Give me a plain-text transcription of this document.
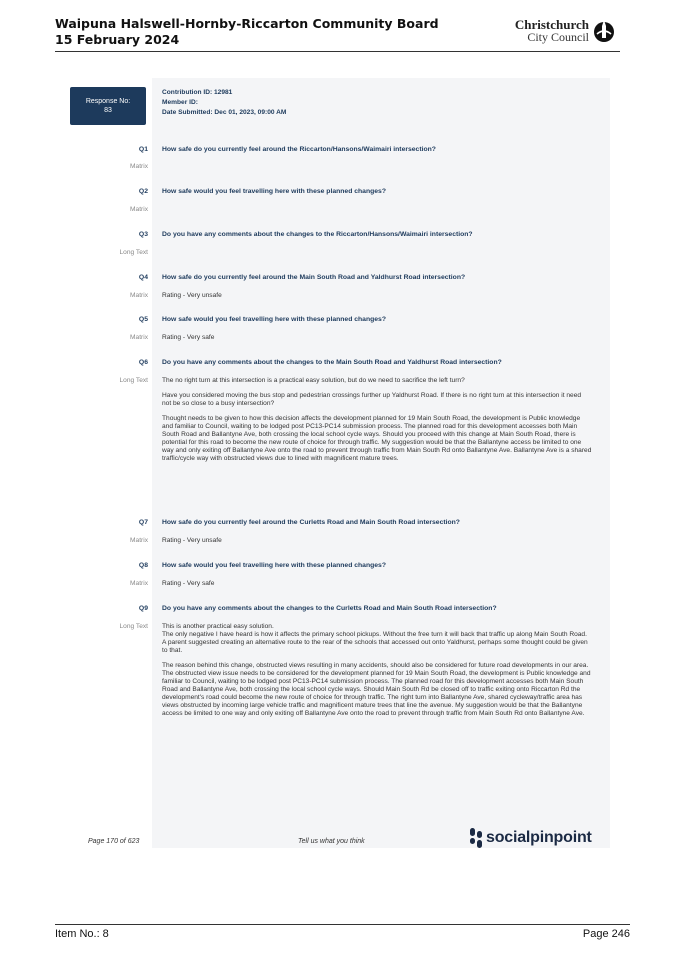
Waipuna Halswell-Hornby-Riccarton Community Board
15 February 2024
Christchurch
City Council
Response No:
83
Contribution ID: 12981
Member ID:
Date Submitted: Dec 01, 2023, 09:00 AM
Q1 How safe do you currently feel around the Riccarton/Hansons/Waimairi intersection?
Matrix
Q2 How safe would you feel travelling here with these planned changes?
Matrix
Q3 Do you have any comments about the changes to the Riccarton/Hansons/Waimairi intersection?
Long Text
Q4 How safe do you currently feel around the Main South Road and Yaldhurst Road intersection?
Matrix Rating - Very unsafe

Q5 How safe would you feel travelling here with these planned changes?
Matrix Rating - Very safe

Q6 Do you have any comments about the changes to the Main South Road and Yaldhurst Road intersection?
Long Text The no right turn at this intersection is a practical easy solution, but do we need to sacrifice the left turn?

Have you considered moving the bus stop and pedestrian crossings further up Yaldhurst Road. If there is no right turn at this intersection it need not be so close to a busy intersection?

Thought needs to be given to how this decision affects the development planned for 19 Main South Road, the development is Public knowledge and familiar to Council, waiting to be lodged post PC13-PC14 submission process. The planned road for this development accesses both Main South Road and Ballantyne Ave, both crossing the local school cycle ways. Should you proceed with this change at Main South Road, there is potential for this road to become the new route of choice for through traffic. My suggestion would be that the Ballantyne access be limited to one way and only exiting off Ballantyne Ave onto the road to prevent through traffic from Main South Rd onto Ballantyne Ave. Ballantyne Ave is a shared traffic/cycle way with obstructed views due to lined with magnificent mature trees.

Q7 How safe do you currently feel around the Curletts Road and Main South Road intersection?
Matrix Rating - Very unsafe

Q8 How safe would you feel travelling here with these planned changes?
Matrix Rating - Very safe

Q9 Do you have any comments about the changes to the Curletts Road and Main South Road intersection?
Long Text This is another practical easy solution.
The only negative I have heard is how it affects the primary school pickups. Without the free turn it will back that traffic up along Main South Road. A parent suggested creating an alternative route to the rear of the schools that accessed out onto Yaldhurst, perhaps some thought could be given to that.

The reason behind this change, obstructed views resulting in many accidents, should also be considered for future road developments in our area. The obstructed view issue needs to be considered for the development planned for 19 Main South Road, the development is Public knowledge and familiar to Council, waiting to be lodged post PC13-PC14 submission process. The planned road for this development accesses both Main South Road and Ballantyne Ave, both crossing the local school cycle ways. Should Main South Rd be closed off to traffic exiting onto Riccarton Rd the development's road could become the new route of choice for through traffic. The right turn into Ballantyne Ave, shared cycleway/traffic area has views obstructed by incoming large vehicle traffic and magnificent mature trees that line the avenue. My suggestion would be that the Ballantyne access be limited to one way and only exiting off Ballantyne Ave onto the road to prevent through traffic from Main South Rd onto Ballantyne Ave.

Page 170 of 623	Tell us what you think	socialpinpoint
Item No.: 8	Page 246
